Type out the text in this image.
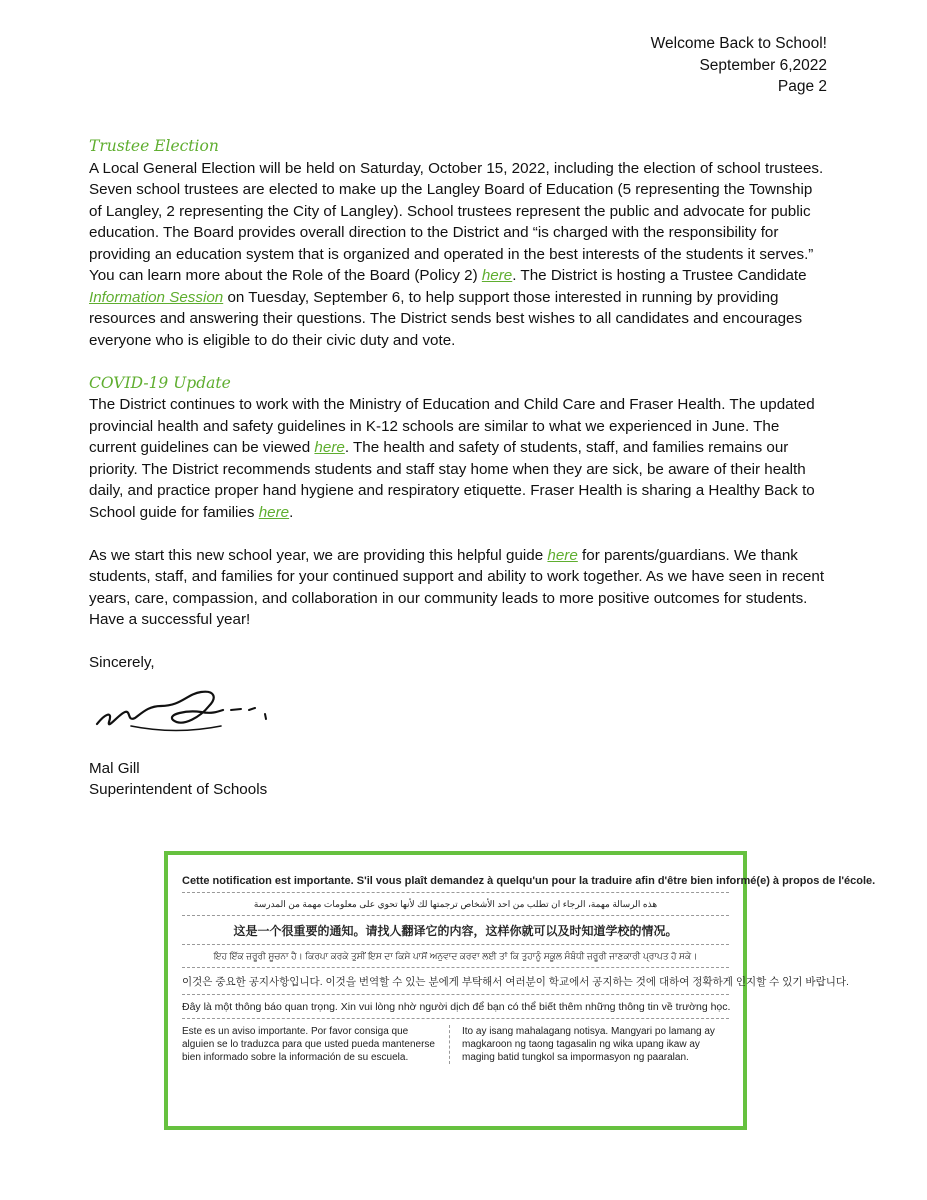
Welcome Back to School!
September 6,2022
Page 2

Trustee Election

A Local General Election will be held on Saturday, October 15, 2022, including the election of school trustees. Seven school trustees are elected to make up the Langley Board of Education (5 representing the Township of Langley, 2 representing the City of Langley). School trustees represent the public and advocate for public education. The Board provides overall direction to the District and “is charged with the responsibility for providing an education system that is organized and operated in the best interests of the students it serves.” You can learn more about the Role of the Board (Policy 2) here. The District is hosting a Trustee Candidate Information Session on Tuesday, September 6, to help support those interested in running by providing resources and answering their questions. The District sends best wishes to all candidates and encourages everyone who is eligible to do their civic duty and vote.

COVID-19 Update

The District continues to work with the Ministry of Education and Child Care and Fraser Health. The updated provincial health and safety guidelines in K-12 schools are similar to what we experienced in June. The current guidelines can be viewed here. The health and safety of students, staff, and families remains our priority. The District recommends students and staff stay home when they are sick, be aware of their health daily, and practice proper hand hygiene and respiratory etiquette. Fraser Health is sharing a Healthy Back to School guide for families here.

As we start this new school year, we are providing this helpful guide here for parents/guardians. We thank students, staff, and families for your continued support and ability to work together. As we have seen in recent years, care, compassion, and collaboration in our community leads to more positive outcomes for students. Have a successful year!

Sincerely,

Mal Gill

Superintendent of Schools

Cette notification est importante. S'il vous plaît demandez à quelqu'un pour la traduire afin d'être bien informé(e) à propos de l'école.
هذه الرسالة مهمة، الرجاء ان تطلب من احد الأشخاص ترجمتها لك لأنها تحوي على معلومات مهمة من المدرسة
这是一个很重要的通知。请找人翻译它的内容，这样你就可以及时知道学校的情况。
ਇਹ ਇੱਕ ਜ਼ਰੂਰੀ ਸੂਚਨਾ ਹੈ। ਕਿਰਪਾ ਕਰਕੇ ਤੁਸੀਂ ਇਸ ਦਾ ਕਿਸੇ ਪਾਸੋਂ ਅਨੁਵਾਦ ਕਰਵਾ ਲਈ ਤਾਂ ਕਿ ਤੁਹਾਨੂੰ ਸਕੂਲ ਸੰਬੰਧੀ ਜ਼ਰੂਰੀ ਜਾਣਕਾਰੀ ਪ੍ਰਾਪਤ ਹੋ ਸਕੇ।
이것은 중요한 공지사항입니다. 이것을 번역할 수 있는 분에게 부탁해서 여러분이 학교에서 공지하는 것에 대하여 정확하게 인지할 수 있기 바랍니다.
Đây là một thông báo quan trọng. Xin vui lòng nhờ người dịch để bạn có thể biết thêm những thông tin về trường học.
Este es un aviso importante. Por favor consiga que alguien se lo traduzca para que usted pueda mantenerse bien informado sobre la información de su escuela.
Ito ay isang mahalagang notisya. Mangyari po lamang ay magkaroon ng taong tagasalin ng wika upang ikaw ay maging batid tungkol sa impormasyon ng paaralan.
